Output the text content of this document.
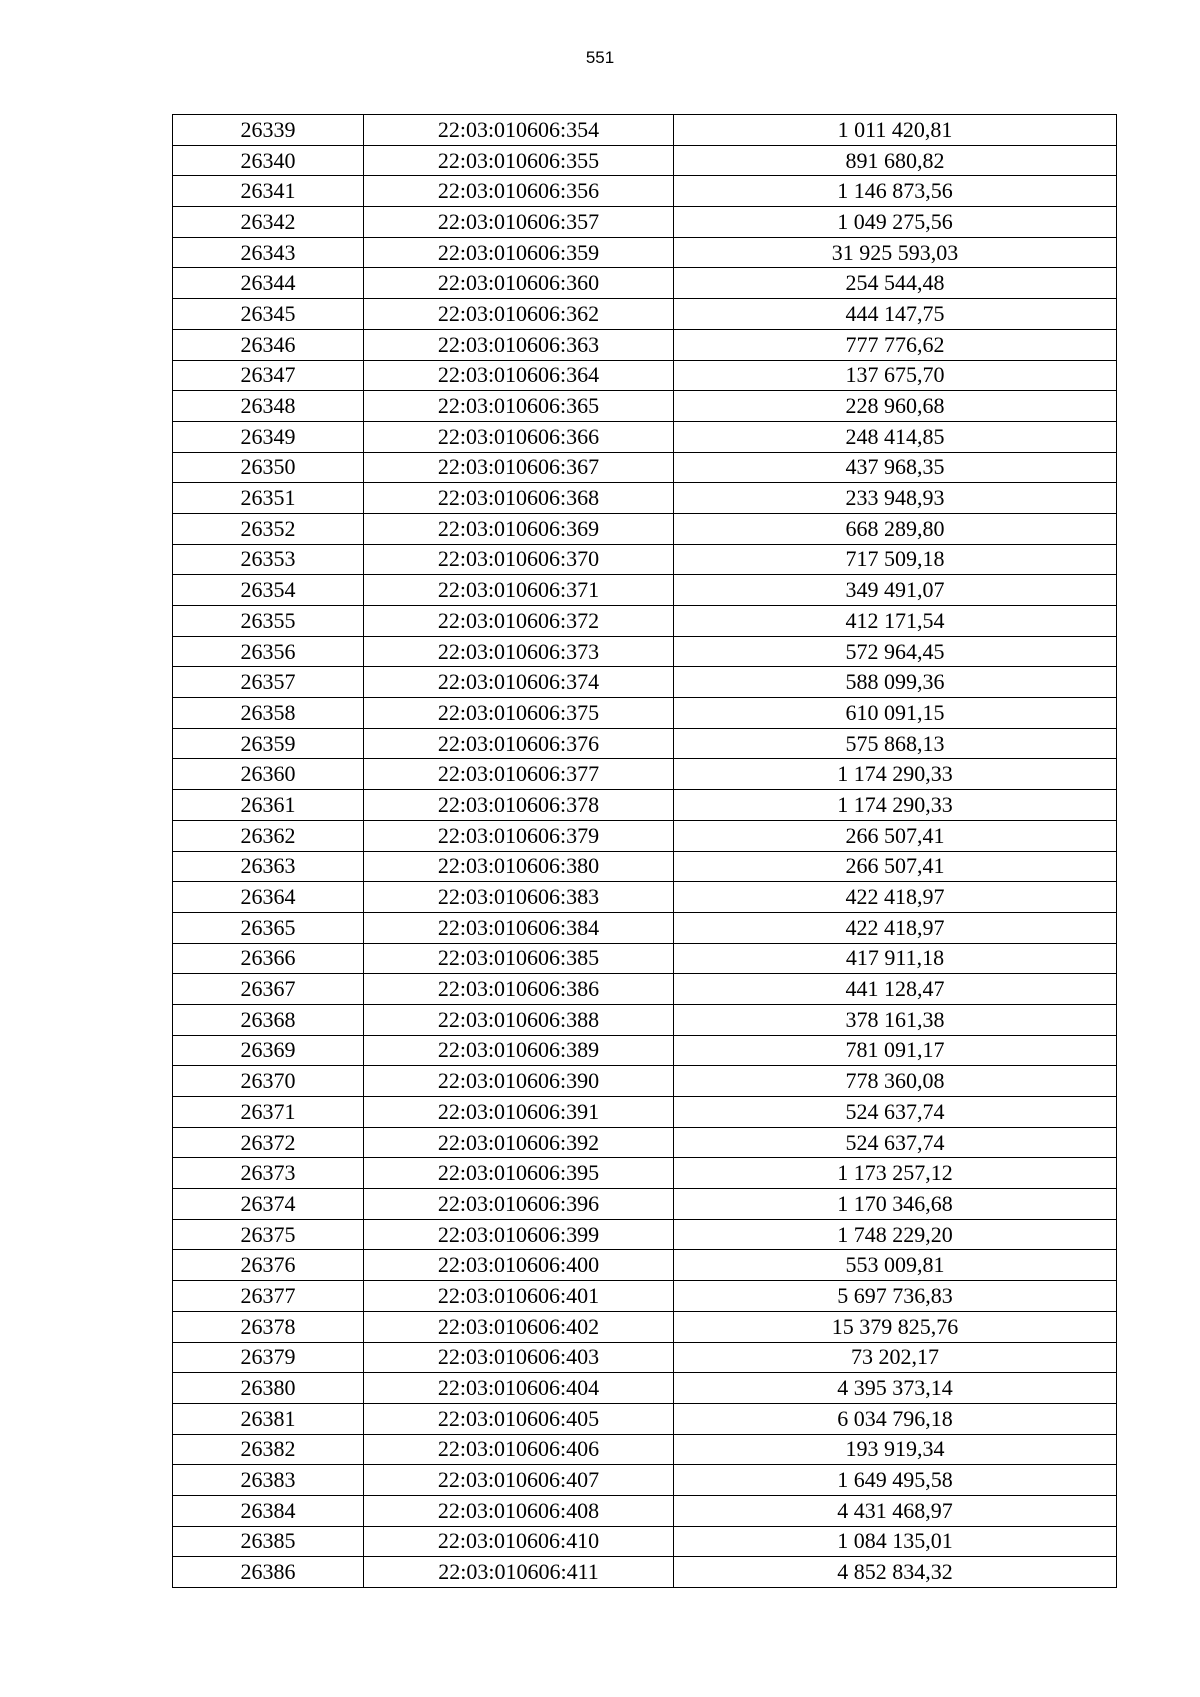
551
26339	22:03:010606:354	1 011 420,81
26340	22:03:010606:355	891 680,82
26341	22:03:010606:356	1 146 873,56
26342	22:03:010606:357	1 049 275,56
26343	22:03:010606:359	31 925 593,03
26344	22:03:010606:360	254 544,48
26345	22:03:010606:362	444 147,75
26346	22:03:010606:363	777 776,62
26347	22:03:010606:364	137 675,70
26348	22:03:010606:365	228 960,68
26349	22:03:010606:366	248 414,85
26350	22:03:010606:367	437 968,35
26351	22:03:010606:368	233 948,93
26352	22:03:010606:369	668 289,80
26353	22:03:010606:370	717 509,18
26354	22:03:010606:371	349 491,07
26355	22:03:010606:372	412 171,54
26356	22:03:010606:373	572 964,45
26357	22:03:010606:374	588 099,36
26358	22:03:010606:375	610 091,15
26359	22:03:010606:376	575 868,13
26360	22:03:010606:377	1 174 290,33
26361	22:03:010606:378	1 174 290,33
26362	22:03:010606:379	266 507,41
26363	22:03:010606:380	266 507,41
26364	22:03:010606:383	422 418,97
26365	22:03:010606:384	422 418,97
26366	22:03:010606:385	417 911,18
26367	22:03:010606:386	441 128,47
26368	22:03:010606:388	378 161,38
26369	22:03:010606:389	781 091,17
26370	22:03:010606:390	778 360,08
26371	22:03:010606:391	524 637,74
26372	22:03:010606:392	524 637,74
26373	22:03:010606:395	1 173 257,12
26374	22:03:010606:396	1 170 346,68
26375	22:03:010606:399	1 748 229,20
26376	22:03:010606:400	553 009,81
26377	22:03:010606:401	5 697 736,83
26378	22:03:010606:402	15 379 825,76
26379	22:03:010606:403	73 202,17
26380	22:03:010606:404	4 395 373,14
26381	22:03:010606:405	6 034 796,18
26382	22:03:010606:406	193 919,34
26383	22:03:010606:407	1 649 495,58
26384	22:03:010606:408	4 431 468,97
26385	22:03:010606:410	1 084 135,01
26386	22:03:010606:411	4 852 834,32
